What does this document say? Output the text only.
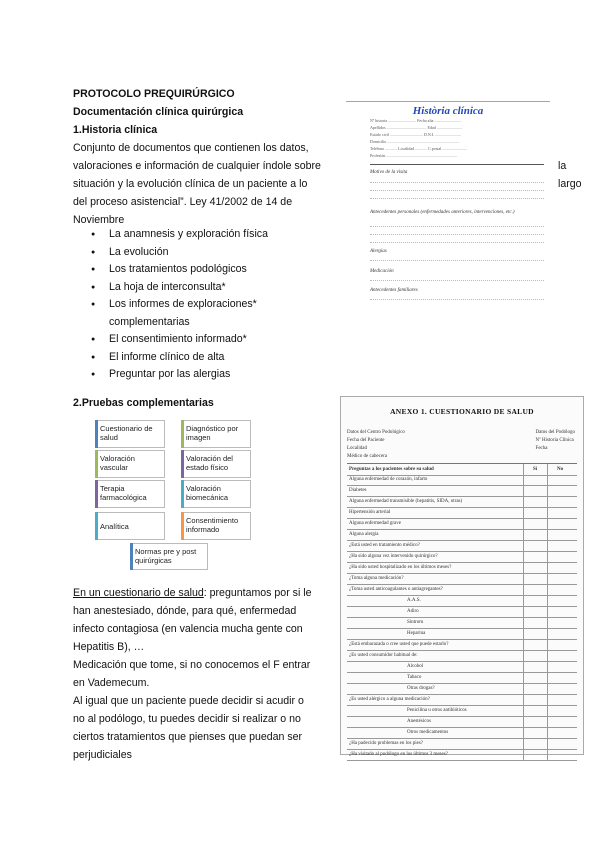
PROTOCOLO PREQUIRÚRGICO
Documentación clínica quirúrgica
1.Historia clínica
Conjunto de documentos que contienen los datos,
valoraciones e información de cualquier índole sobre
situación y la evolución clínica de un paciente a lo
del proceso asistencial”. Ley 41/2002 de 14 de
Noviembre
la
largo
● La anamnesis y exploración física
● La evolución
● Los tratamientos podológicos
● La hoja de interconsulta*
● Los informes de exploraciones*
complementarias
● El consentimiento informado*
● El informe clínico de alta
● Preguntar por las alergias
Història clínica
Nº historia ............................ Fecha alta ...........................
Apellidos ........................................ Edad .........................
Estado civil ................................. D.N.I. ..........................
Domicilio ........................................................................
Teléfono ............ Localidad ............ C.postal .........................
Profesión .......................................................................
Motivo de la visita
Antecedentes personales (enfermedades anteriores, intervenciones, etc.)
Alergias
Medicación
Antecedentes familiares
2.Pruebas complementarias
Cuestionario de salud
Diagnóstico por imagen
Valoración vascular
Valoración del estado físico
Terapia farmacológica
Valoración biomecánica
Analítica
Consentimiento informado
Normas pre y post quirúrgicas
En un cuestionario de salud: preguntamos por si le
han anestesiado, dónde, para qué, enfermedad
infecto contagiosa (en valencia mucha gente con
Hepatitis B), …
Medicación que tome, si no conocemos el F entrar
en Vademecum.
Al igual que un paciente puede decidir si acudir o
no al podólogo, tu puedes decidir si realizar o no
ciertos tratamientos que pienses que puedan ser
perjudiciales
ANEXO 1. CUESTIONARIO DE SALUD
Datos del Centro Podológico
Fecha del Paciente
Localidad
Médico de cabecera
Datos del Podólogo
Nº Historia Clínica
Fecha
Preguntas a los pacientes sobre su salud	Sí	No
Alguna enfermedad de corazón, infarto
Diabetes
Alguna enfermedad transmisible (hepatitis, SIDA, otras)
Hipertensión arterial
Alguna enfermedad grave
Alguna alergia
¿Está usted en tratamiento médico?
¿Ha sido alguna vez intervenido quirúrgico?
¿Ha sido usted hospitalizado en los últimos meses?
¿Toma alguna medicación?
¿Toma usted anticoagulantes o antiagregantes?
A.A.S.
Adiro
Sintrom
Heparina
¿Está embarazada o cree usted que puede estarlo?
¿Es usted consumidor habitual de:
Alcohol
Tabaco
Otras drogas?
¿Es usted alérgico a alguna medicación?
Penicilina u otros antibióticos
Anestésicos
Otros medicamentos
¿Ha padecido problemas en los pies?
¿Ha visitado al podólogo en los últimos 3 meses?
